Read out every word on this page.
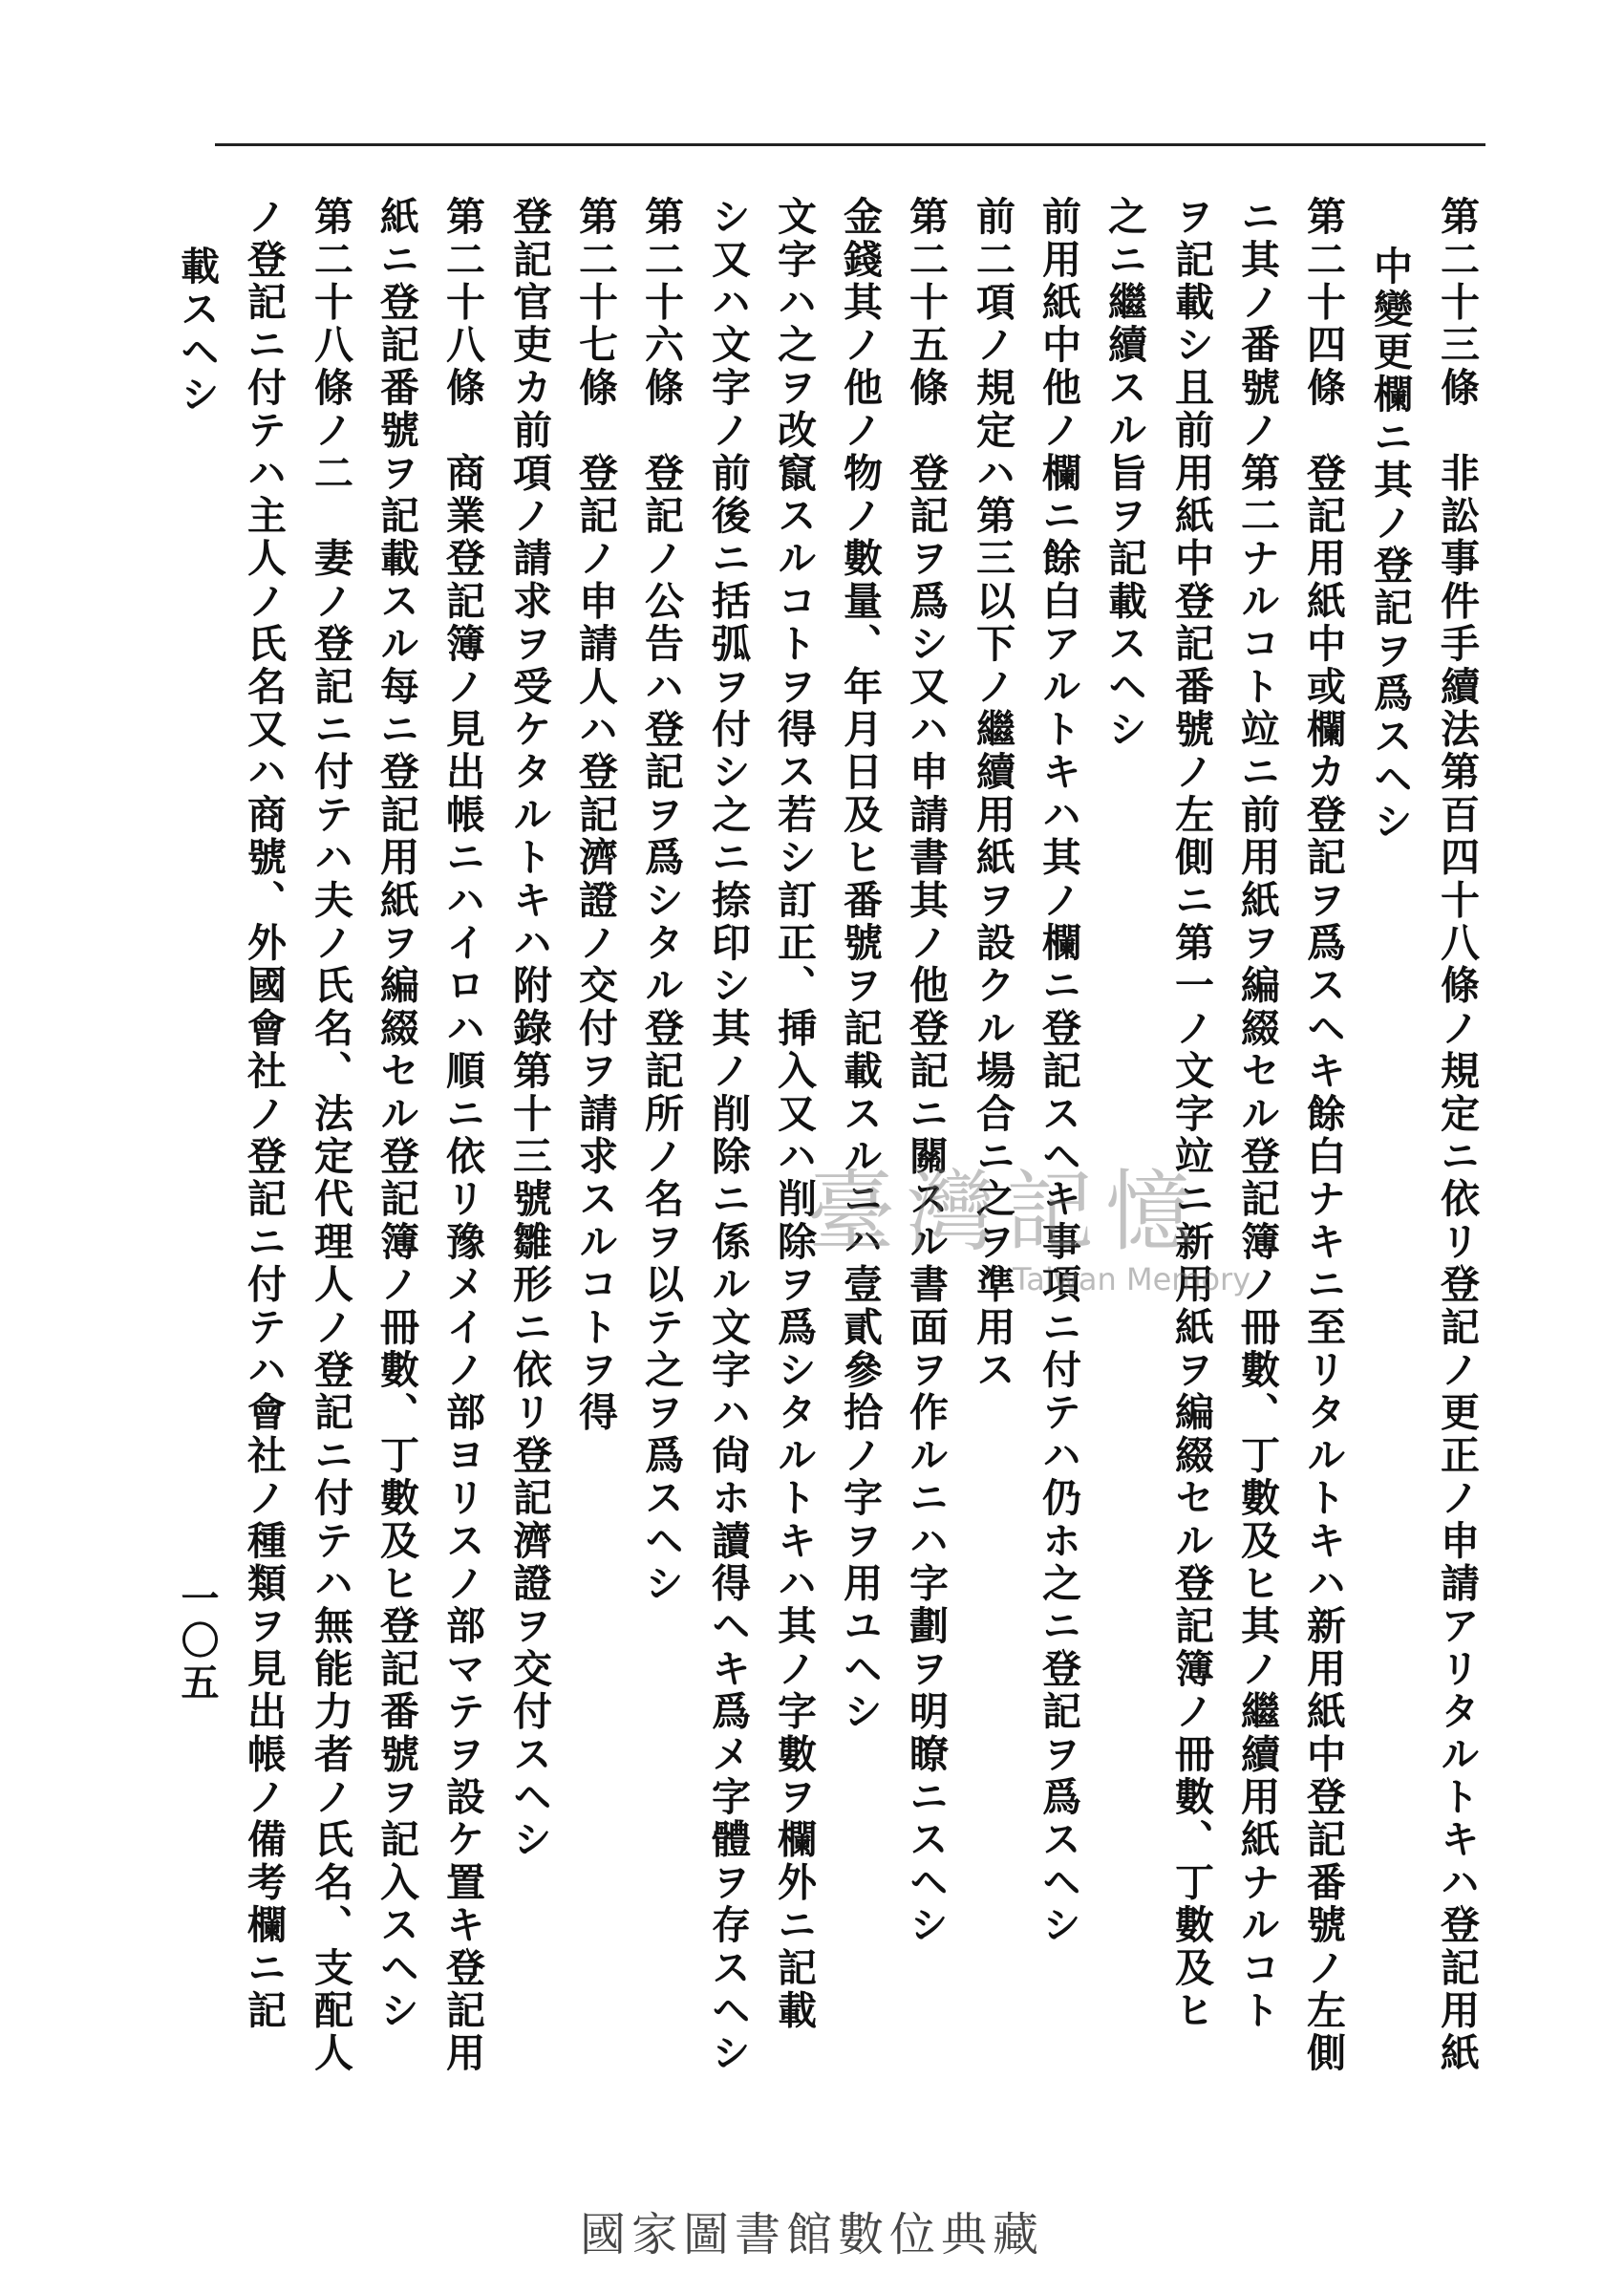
第二十三條　非訟事件手續法第百四十八條ノ規定ニ依リ登記ノ更正ノ申請アリタルトキハ登記用紙
中變更欄ニ其ノ登記ヲ爲スヘシ
第二十四條　登記用紙中或欄カ登記ヲ爲スヘキ餘白ナキニ至リタルトキハ新用紙中登記番號ノ左側
ニ其ノ番號ノ第二ナルコト竝ニ前用紙ヲ編綴セル登記簿ノ冊數、丁數及ヒ其ノ繼續用紙ナルコト
ヲ記載シ且前用紙中登記番號ノ左側ニ第一ノ文字竝ニ新用紙ヲ編綴セル登記簿ノ冊數、丁數及ヒ
之ニ繼續スル旨ヲ記載スヘシ
前用紙中他ノ欄ニ餘白アルトキハ其ノ欄ニ登記スヘキ事項ニ付テハ仍ホ之ニ登記ヲ爲スヘシ
前二項ノ規定ハ第三以下ノ繼續用紙ヲ設クル場合ニ之ヲ準用ス
第二十五條　登記ヲ爲シ又ハ申請書其ノ他登記ニ關スル書面ヲ作ルニハ字劃ヲ明瞭ニスヘシ
金錢其ノ他ノ物ノ數量、年月日及ヒ番號ヲ記載スルニハ壹貳參拾ノ字ヲ用ユヘシ
文字ハ之ヲ改竄スルコトヲ得ス若シ訂正、挿入又ハ削除ヲ爲シタルトキハ其ノ字數ヲ欄外ニ記載
シ又ハ文字ノ前後ニ括弧ヲ付シ之ニ捺印シ其ノ削除ニ係ル文字ハ尙ホ讀得ヘキ爲メ字體ヲ存スヘシ
第二十六條　登記ノ公告ハ登記ヲ爲シタル登記所ノ名ヲ以テ之ヲ爲スヘシ
第二十七條　登記ノ申請人ハ登記濟證ノ交付ヲ請求スルコトヲ得
登記官吏カ前項ノ請求ヲ受ケタルトキハ附錄第十三號雛形ニ依リ登記濟證ヲ交付スヘシ
第二十八條　商業登記簿ノ見出帳ニハイロハ順ニ依リ豫メイノ部ヨリスノ部マテヲ設ケ置キ登記用
紙ニ登記番號ヲ記載スル每ニ登記用紙ヲ編綴セル登記簿ノ冊數、丁數及ヒ登記番號ヲ記入スヘシ
第二十八條ノ二　妻ノ登記ニ付テハ夫ノ氏名、法定代理人ノ登記ニ付テハ無能力者ノ氏名、支配人
ノ登記ニ付テハ主人ノ氏名又ハ商號、外國會社ノ登記ニ付テハ會社ノ種類ヲ見出帳ノ備考欄ニ記
載スヘシ
一〇五
臺灣記憶
Taiwan Memory
國家圖書館數位典藏
